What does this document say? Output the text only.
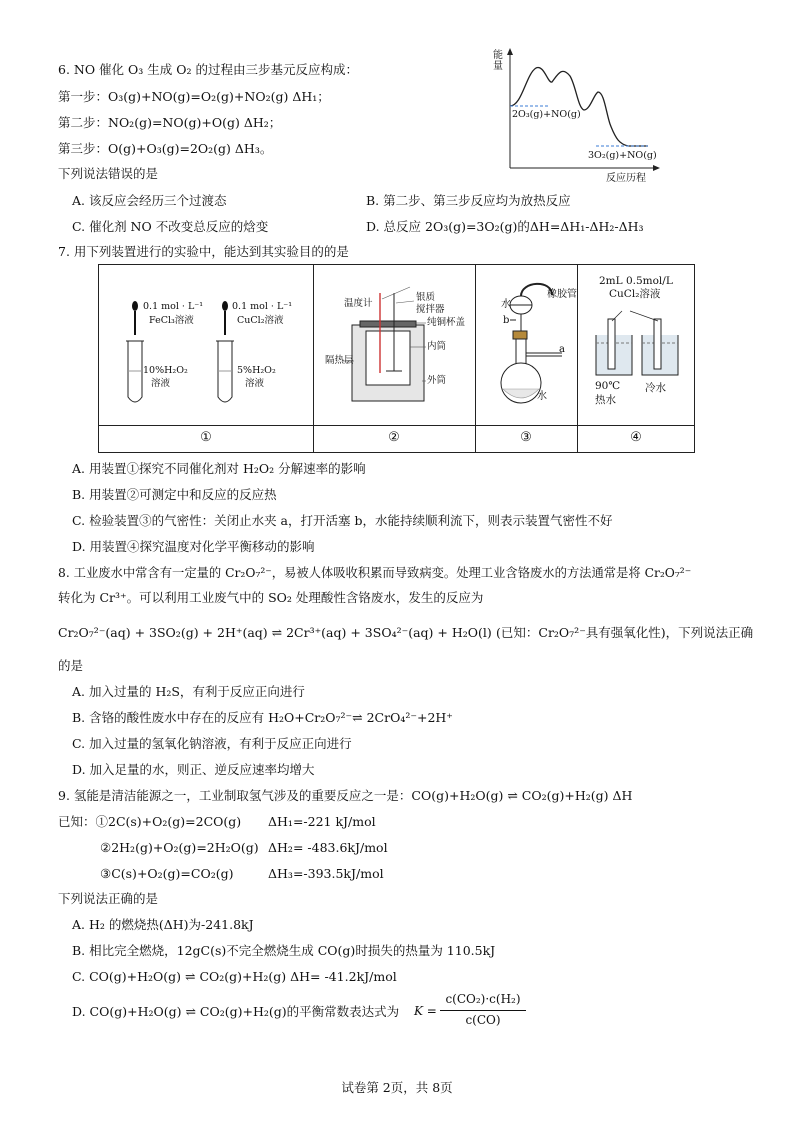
6. NO 催化 O₃ 生成 O₂ 的过程由三步基元反应构成：
第一步：O₃(g)+NO(g)=O₂(g)+NO₂(g) ΔH₁；
第二步：NO₂(g)=NO(g)+O(g) ΔH₂；
第三步：O(g)+O₃(g)=2O₂(g) ΔH₃。
下列说法错误的是
A. 该反应会经历三个过渡态	B. 第二步、第三步反应均为放热反应
C. 催化剂 NO 不改变总反应的焓变	D. 总反应 2O₃(g)=3O₂(g)的ΔH=ΔH₁-ΔH₂-ΔH₃
能量
2O₃(g)+NO(g)
3O₂(g)+NO(g)
反应历程
7. 用下列装置进行的实验中，能达到其实验目的的是
0.1 mol · L⁻¹
FeCl₃溶液
0.1 mol · L⁻¹
CuCl₂溶液
10%H₂O₂
溶液
5%H₂O₂
溶液
温度计
银质
搅拌器
纯铜杯盖
内筒
隔热层
外筒
橡胶管
水
b
a
水
2mL 0.5mol/L
CuCl₂溶液
90℃
热水
冷水
①	②	③	④
A. 用装置①探究不同催化剂对 H₂O₂ 分解速率的影响
B. 用装置②可测定中和反应的反应热
C. 检验装置③的气密性：关闭止水夹 a，打开活塞 b，水能持续顺利流下，则表示装置气密性不好
D. 用装置④探究温度对化学平衡移动的影响
8. 工业废水中常含有一定量的 Cr₂O₇²⁻，易被人体吸收积累而导致病变。处理工业含铬废水的方法通常是将 Cr₂O₇²⁻
转化为 Cr³⁺。可以利用工业废气中的 SO₂ 处理酸性含铬废水，发生的反应为
Cr₂O₇²⁻(aq) + 3SO₂(g) + 2H⁺(aq) ⇌ 2Cr³⁺(aq) + 3SO₄²⁻(aq) + H₂O(l) (已知：Cr₂O₇²⁻具有强氧化性)，下列说法正确
的是
A. 加入过量的 H₂S，有利于反应正向进行
B. 含铬的酸性废水中存在的反应有 H₂O+Cr₂O₇²⁻⇌ 2CrO₄²⁻+2H⁺
C. 加入过量的氢氧化钠溶液，有利于反应正向进行
D. 加入足量的水，则正、逆反应速率均增大
9. 氢能是清洁能源之一，工业制取氢气涉及的重要反应之一是：CO(g)+H₂O(g) ⇌ CO₂(g)+H₂(g) ΔH
已知：①2C(s)+O₂(g)=2CO(g) ΔH₁=-221 kJ/mol
②2H₂(g)+O₂(g)=2H₂O(g) ΔH₂= -483.6kJ/mol
③C(s)+O₂(g)=CO₂(g)	ΔH₃=-393.5kJ/mol
下列说法正确的是
A. H₂ 的燃烧热(ΔH)为-241.8kJ
B. 相比完全燃烧，12gC(s)不完全燃烧生成 CO(g)时损失的热量为 110.5kJ
C. CO(g)+H₂O(g) ⇌ CO₂(g)+H₂(g) ΔH= -41.2kJ/mol
D. CO(g)+H₂O(g) ⇌ CO₂(g)+H₂(g)的平衡常数表达式为 K =
c(CO₂)·c(H₂)
c(CO)
试卷第 2页，共 8页
